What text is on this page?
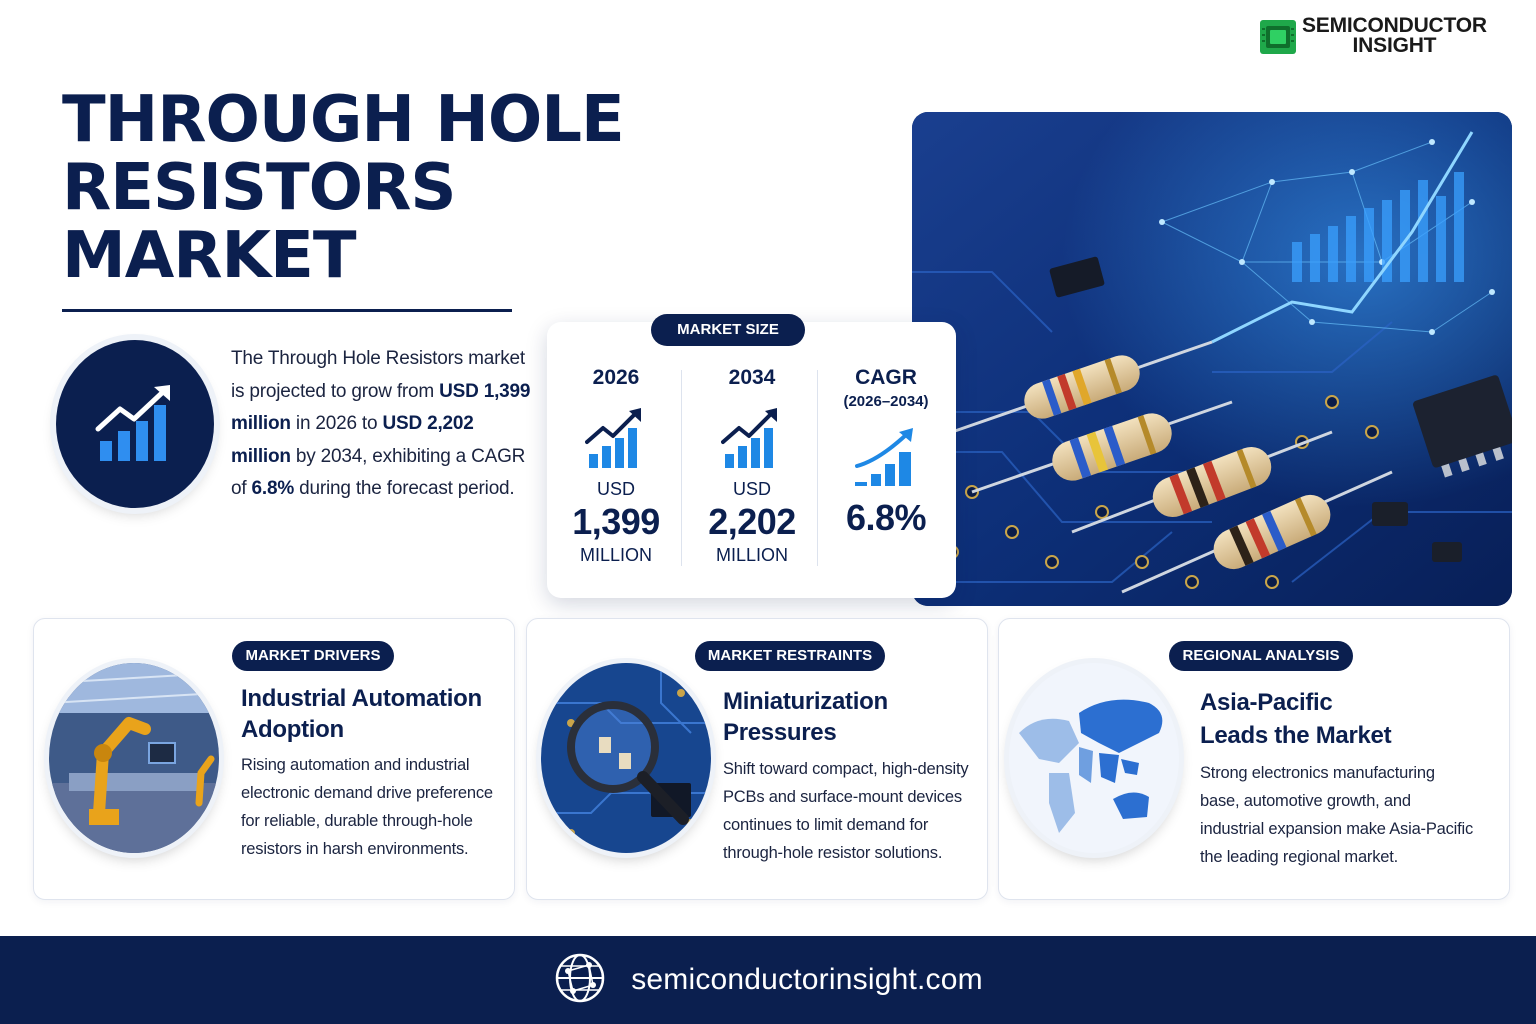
SEMICONDUCTOR
INSIGHT
THROUGH HOLE
RESISTORS
MARKET
The Through Hole Resistors market is projected to grow from USD 1,399 million in 2026 to USD 2,202 million by 2034, exhibiting a CAGR of 6.8% during the forecast period.
MARKET SIZE
2026
USD
1,399
MILLION
2034
USD
2,202
MILLION
CAGR
(2026–2034)
6.8%
MARKET DRIVERS
Industrial Automation
Adoption
Rising automation and industrial
electronic demand drive preference
for reliable, durable through-hole
resistors in harsh environments.
MARKET RESTRAINTS
Miniaturization
Pressures
Shift toward compact, high-density
PCBs and surface-mount devices
continues to limit demand for
through-hole resistor solutions.
REGIONAL ANALYSIS
Asia-Pacific
Leads the Market
Strong electronics manufacturing
base, automotive growth, and
industrial expansion make Asia-Pacific
the leading regional market.
semiconductorinsight.com
